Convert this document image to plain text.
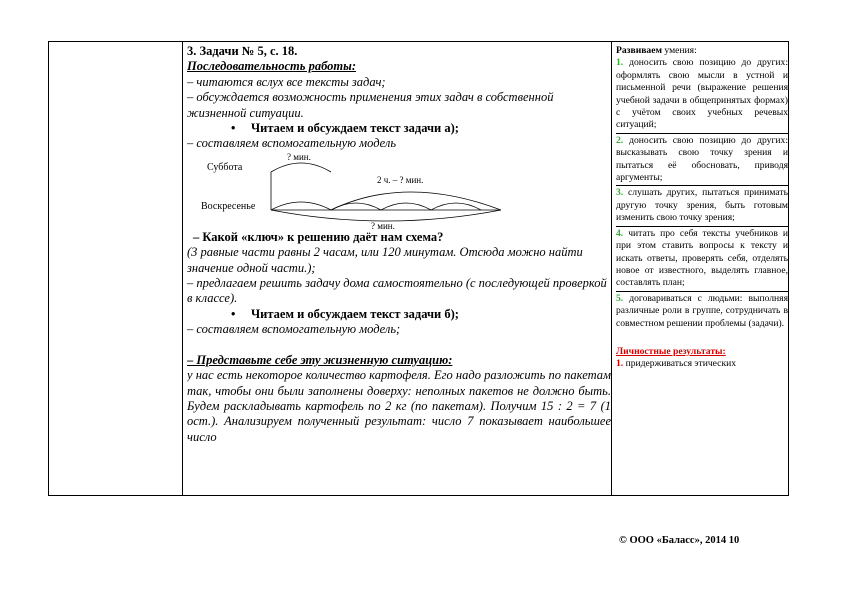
3. Задачи № 5, с. 18.
Последовательность работы:
– читаются вслух все тексты задач;
– обсуждается возможность применения этих задач в собственной жизненной ситуации.
• Читаем и обсуждаем текст задачи а);
– составляем вспомогательную модель
Суббота
Воскресенье
? мин.
2 ч. – ? мин.
? мин.
– Какой «ключ» к решению даёт нам схема?
(3 равные части равны 2 часам, или 120 минутам. Отсюда можно найти значение одной части.);
– предлагаем решить задачу дома самостоятельно (с последующей проверкой в классе).
• Читаем и обсуждаем текст задачи б);
– составляем вспомогательную модель;
– Представьте себе эту жизненную ситуацию:
у нас есть некоторое количество картофеля. Его надо разложить по пакетам так, чтобы они были заполнены доверху: неполных пакетов не должно быть. Будем раскладывать картофель по 2 кг (по пакетам). Получим 15 : 2 = 7 (1 ост.). Анализируем полученный результат: число 7 показывает наибольшее число

Развиваем умения:

1. доносить свою позицию до других: оформлять свою мысли в устной и письменной речи (выражение решения учебной задачи в общепринятых формах) с учётом своих учебных речевых ситуаций;

2. доносить свою позицию до других: высказывать свою точку зрения и пытаться её обосновать, приводя аргументы;

3. слушать других, пытаться принимать другую точку зрения, быть готовым изменить свою точку зрения;

4. читать про себя тексты учебников и при этом ставить вопросы к тексту и искать ответы, проверять себя, отделять новое от известного, выделять главное, составлять план;

5. договариваться с людьми: выполняя различные роли в группе, сотрудничать в совместном решении проблемы (задачи).

Личностные результаты:

1. придерживаться этических

© ООО «Баласс», 2014 10
